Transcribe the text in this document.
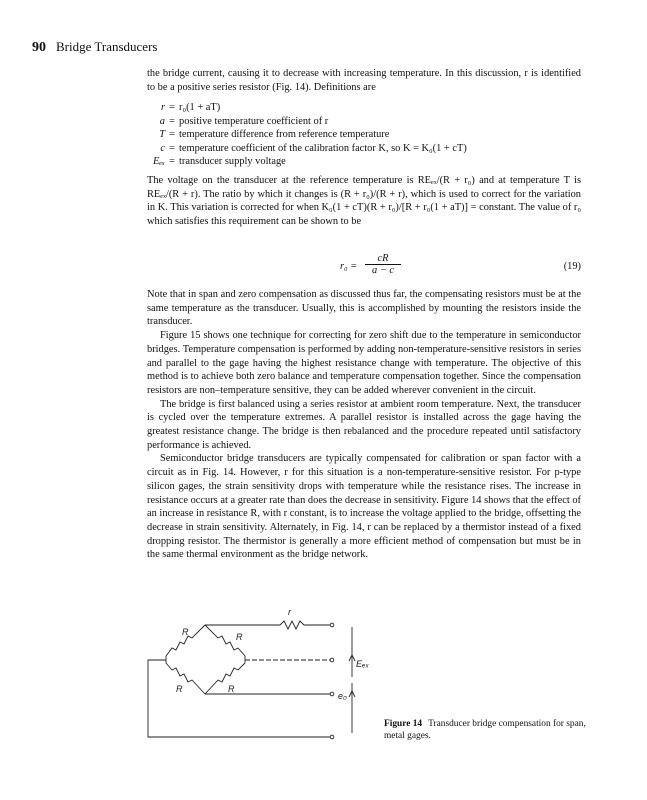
90 Bridge Transducers

the bridge current, causing it to decrease with increasing temperature. In this discussion, r is identified to be a positive series resistor (Fig. 14). Definitions are

r = r₀(1 + aT)
a = positive temperature coefficient of r
T = temperature difference from reference temperature
c = temperature coefficient of the calibration factor K, so K = K₀(1 + cT)
Eₑₓ = transducer supply voltage

The voltage on the transducer at the reference temperature is REₑₓ/(R + r₀) and at temperature T is REₑₓ/(R + r). The ratio by which it changes is (R + r₀)/(R + r), which is used to correct for the variation in K. This variation is corrected for when K₀(1 + cT)(R + r₀)/[R + r₀(1 + aT)] = constant. The value of r₀ which satisfies this requirement can be shown to be

r₀ =
cR
a − c	(19)

Note that in span and zero compensation as discussed thus far, the compensating resistors must be at the same temperature as the transducer. Usually, this is accomplished by mounting the resistors inside the transducer.

Figure 15 shows one technique for correcting for zero shift due to the temperature in semiconductor bridges. Temperature compensation is performed by adding non-temperature-sensitive resistors in series and parallel to the gage having the highest resistance change with temperature. The objective of this method is to achieve both zero balance and temperature compensation together. Since the compensation resistors are non–temperature sensitive, they can be added wherever convenient in the circuit.

The bridge is first balanced using a series resistor at ambient room temperature. Next, the transducer is cycled over the temperature extremes. A parallel resistor is installed across the gage having the greatest resistance change. The bridge is then rebalanced and the procedure repeated until satisfactory performance is achieved.

Semiconductor bridge transducers are typically compensated for calibration or span factor with a circuit as in Fig. 14. However, r for this situation is a non-temperature-sensitive resistor. For p-type silicon gages, the strain sensitivity drops with temperature while the resistance rises. The increase in resistance occurs at a greater rate than does the decrease in sensitivity. Figure 14 shows that the effect of an increase in resistance R, with r constant, is to increase the voltage applied to the bridge, offsetting the decrease in strain sensitivity. Alternately, in Fig. 14, r can be replaced by a thermistor instead of a fixed dropping resistor. The thermistor is generally a more efficient method of compensation but must be in the same thermal environment as the bridge network.

r
R	R
R	R
Eₑₓ
e₀
Figure 14 Transducer bridge compensation for span, metal gages.
